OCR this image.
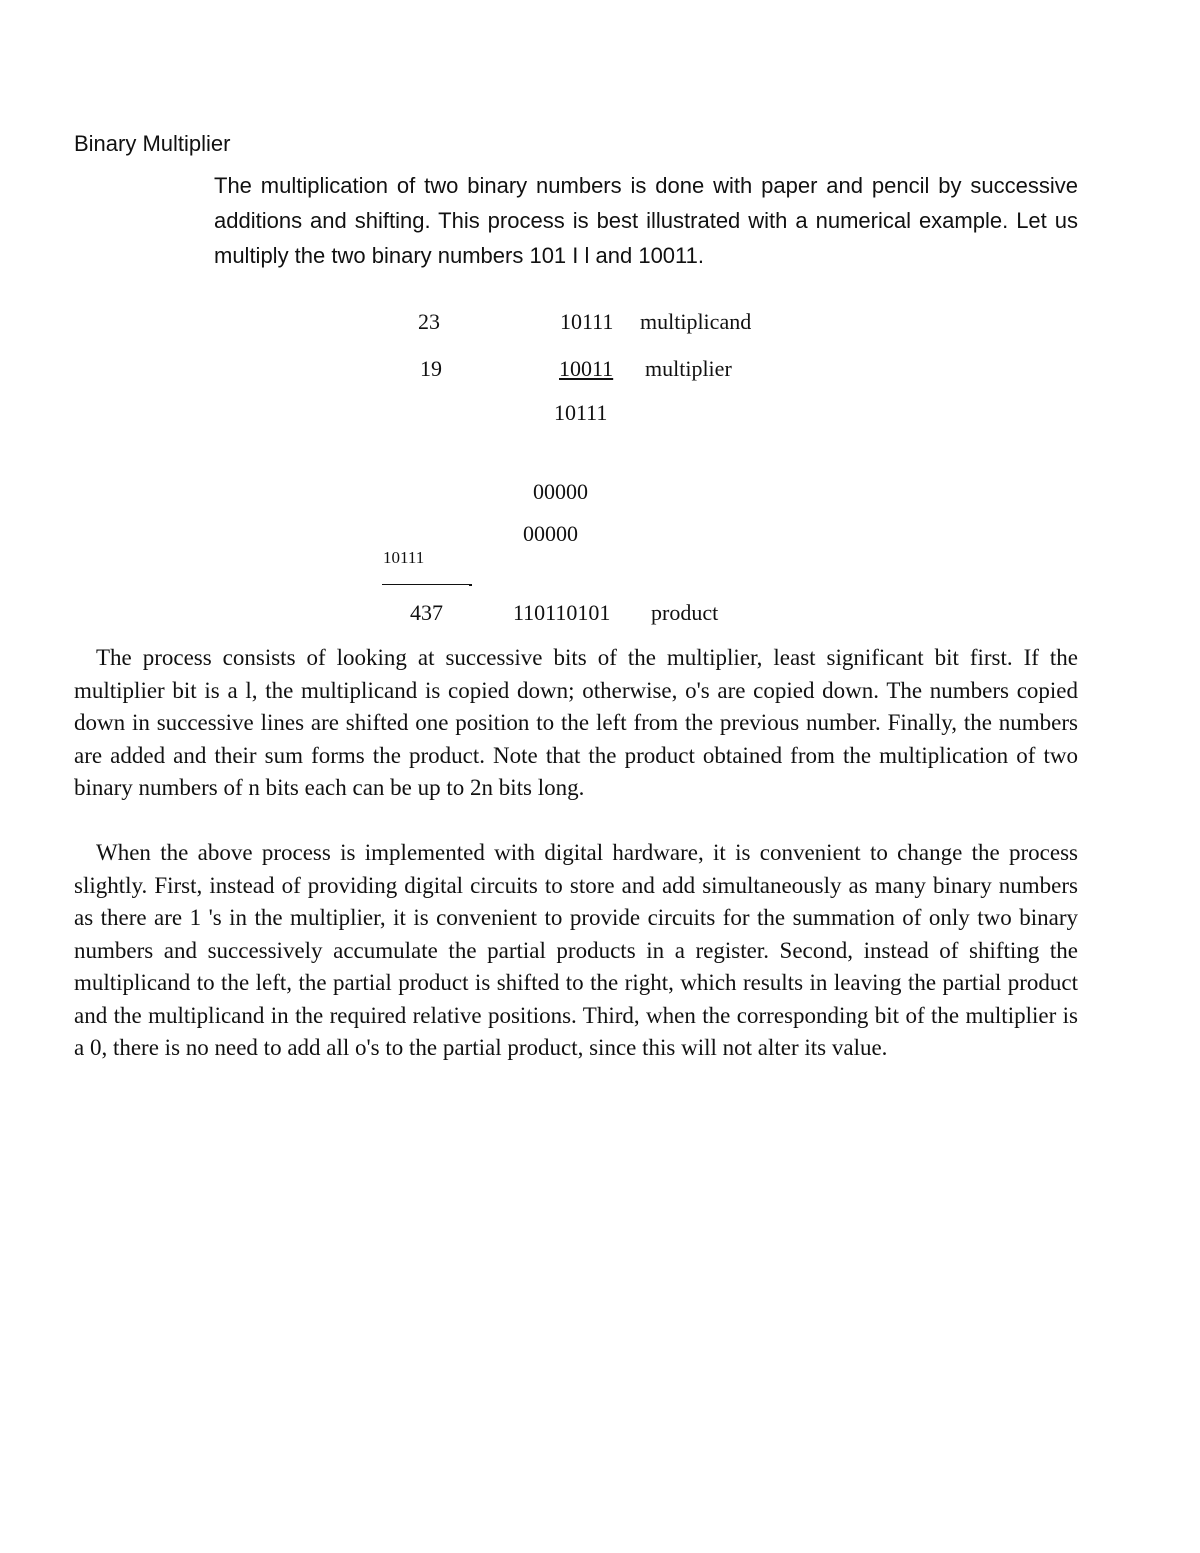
Binary Multiplier

The multiplication of two binary numbers is done with paper and pencil by successive additions and shifting. This process is best illustrated with a numerical example. Let us multiply the two binary numbers 101 I l and 10011.

23	10111 multiplicand
19	10011	multiplier
10111
00000
00000
10111
437	110110101 product

The process consists of looking at successive bits of the multiplier, least significant bit first. If the multiplier bit is a l, the multiplicand is copied down; otherwise, o's are copied down. The numbers copied down in successive lines are shifted one position to the left from the previous number. Finally, the numbers are added and their sum forms the product. Note that the product obtained from the multiplication of two binary numbers of n bits each can be up to 2n bits long.

When the above process is implemented with digital hardware, it is convenient to change the process slightly. First, instead of providing digital circuits to store and add simultaneously as many binary numbers as there are 1 's in the multiplier, it is convenient to provide circuits for the summation of only two binary numbers and successively accumulate the partial products in a register. Second, instead of shifting the multiplicand to the left, the partial product is shifted to the right, which results in leaving the partial product and the multiplicand in the required relative positions. Third, when the corresponding bit of the multiplier is a 0, there is no need to add all o's to the partial product, since this will not alter its value.
